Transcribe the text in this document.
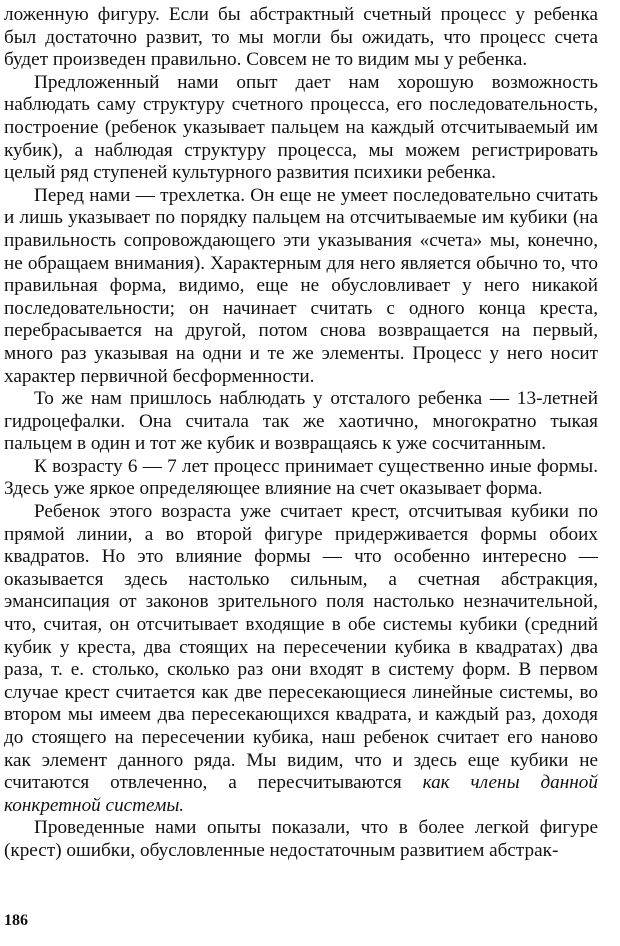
ложенную фигуру. Если бы абстрактный счетный процесс у ребенка был достаточно развит, то мы могли бы ожидать, что процесс счета будет произведен правильно. Совсем не то видим мы у ребенка.

Предложенный нами опыт дает нам хорошую возможность наблюдать саму структуру счетного процесса, его последовательность, построение (ребенок указывает пальцем на каждый отсчитываемый им кубик), а наблюдая структуру процесса, мы можем регистрировать целый ряд ступеней культурного развития психики ребенка.

Перед нами — трехлетка. Он еще не умеет последовательно считать и лишь указывает по порядку пальцем на отсчитываемые им кубики (на правильность сопровождающего эти указывания «счета» мы, конечно, не обращаем внимания). Характерным для него является обычно то, что правильная форма, видимо, еще не обусловливает у него никакой последовательности; он начинает считать с одного конца креста, перебрасывается на другой, потом снова возвращается на первый, много раз указывая на одни и те же элементы. Процесс у него носит характер первичной бесформенности.

То же нам пришлось наблюдать у отсталого ребенка — 13-летней гидроцефалки. Она считала так же хаотично, многократно тыкая пальцем в один и тот же кубик и возвращаясь к уже сосчитанным.

К возрасту 6 — 7 лет процесс принимает существенно иные формы. Здесь уже яркое определяющее влияние на счет оказывает форма.

Ребенок этого возраста уже считает крест, отсчитывая кубики по прямой линии, а во второй фигуре придерживается формы обоих квадратов. Но это влияние формы — что особенно интересно — оказывается здесь настолько сильным, а счетная абстракция, эмансипация от законов зрительного поля настолько незначительной, что, считая, он отсчитывает входящие в обе системы кубики (средний кубик у креста, два стоящих на пересечении кубика в квадратах) два раза, т. е. столько, сколько раз они входят в систему форм. В первом случае крест считается как две пересекающиеся линейные системы, во втором мы имеем два пересекающихся квадрата, и каждый раз, доходя до стоящего на пересечении кубика, наш ребенок считает его наново как элемент данного ряда. Мы видим, что и здесь еще кубики не считаются отвлеченно, а пересчитываются как члены данной конкретной системы.

Проведенные нами опыты показали, что в более легкой фигуре (крест) ошибки, обусловленные недостаточным развитием абстрак-

186
